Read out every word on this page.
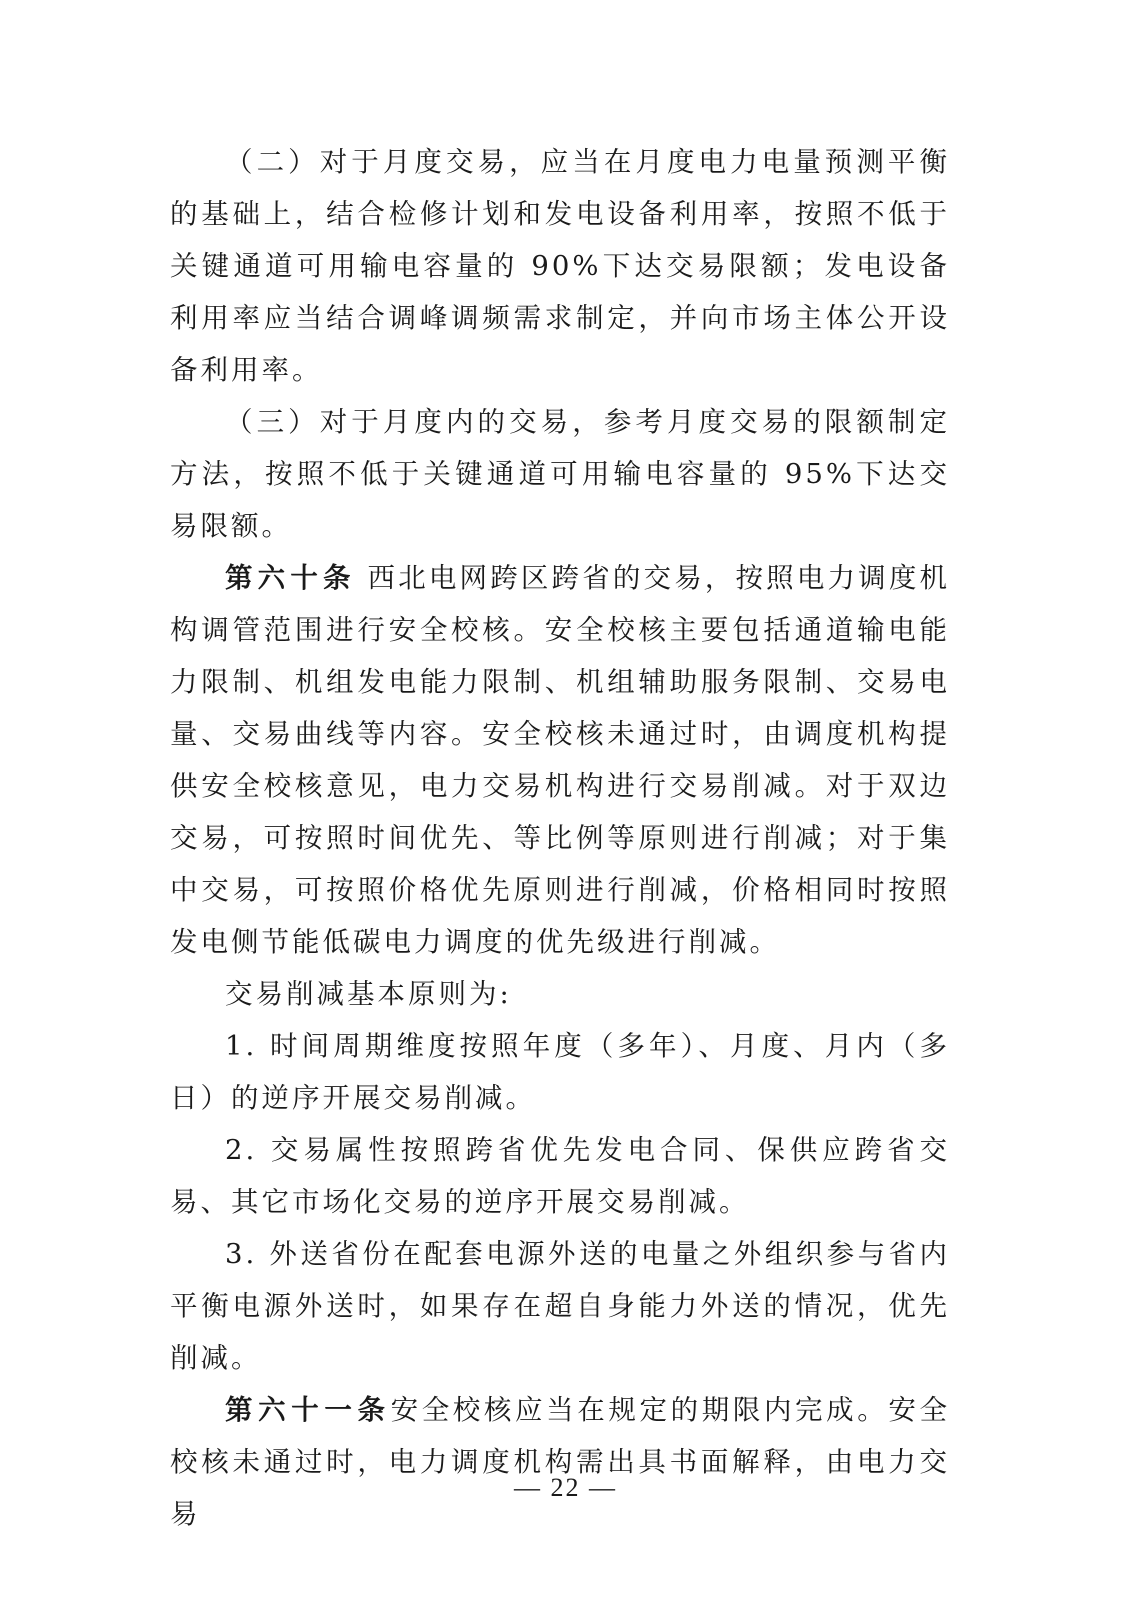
（二）对于月度交易，应当在月度电力电量预测平衡的基础上，结合检修计划和发电设备利用率，按照不低于关键通道可用输电容量的 90%下达交易限额；发电设备利用率应当结合调峰调频需求制定，并向市场主体公开设备利用率。

（三）对于月度内的交易，参考月度交易的限额制定方法，按照不低于关键通道可用输电容量的 95%下达交易限额。

第六十条 西北电网跨区跨省的交易，按照电力调度机构调管范围进行安全校核。安全校核主要包括通道输电能力限制、机组发电能力限制、机组辅助服务限制、交易电量、交易曲线等内容。安全校核未通过时，由调度机构提供安全校核意见，电力交易机构进行交易削减。对于双边交易，可按照时间优先、等比例等原则进行削减；对于集中交易，可按照价格优先原则进行削减，价格相同时按照发电侧节能低碳电力调度的优先级进行削减。

交易削减基本原则为:

1. 时间周期维度按照年度（多年）、月度、月内（多日）的逆序开展交易削减。

2. 交易属性按照跨省优先发电合同、保供应跨省交易、其它市场化交易的逆序开展交易削减。

3. 外送省份在配套电源外送的电量之外组织参与省内平衡电源外送时，如果存在超自身能力外送的情况，优先削减。

第六十一条安全校核应当在规定的期限内完成。安全校核未通过时，电力调度机构需出具书面解释，由电力交易

— 22 —
